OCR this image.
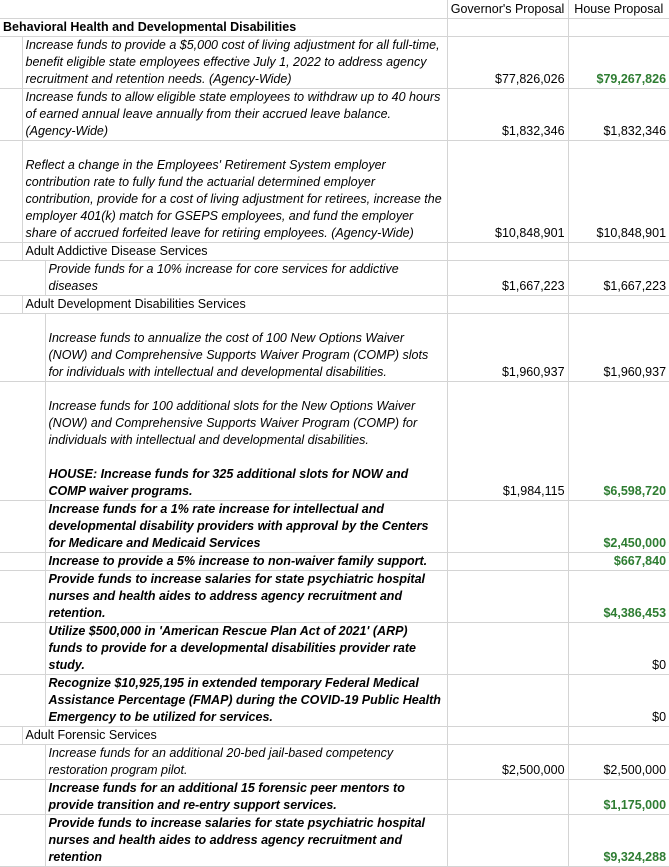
			Governor's Proposal	House Proposal
Behavioral Health and Developmental Disabilities				
	Increase funds to provide a $5,000 cost of living adjustment for all full-time, benefit eligible state employees effective July 1, 2022 to address agency recruitment and retention needs. (Agency-Wide)		$77,826,026	$79,267,826
	Increase funds to allow eligible state employees to withdraw up to 40 hours of earned annual leave annually from their accrued leave balance. (Agency-Wide)		$1,832,346	$1,832,346
	Reflect a change in the Employees' Retirement System employer contribution rate to fully fund the actuarial determined employer contribution, provide for a cost of living adjustment for retirees, increase the employer 401(k) match for GSEPS employees, and fund the employer share of accrued forfeited leave for retiring employees. (Agency-Wide)		$10,848,901	$10,848,901
	Adult Addictive Disease Services			
		Provide funds for a 10% increase for core services for addictive diseases	$1,667,223	$1,667,223
	Adult Development Disabilities Services			
		Increase funds to annualize the cost of 100 New Options Waiver (NOW) and Comprehensive Supports Waiver Program (COMP) slots for individuals with intellectual and developmental disabilities.	$1,960,937	$1,960,937

		Increase funds for 100 additional slots for the New Options Waiver (NOW) and Comprehensive Supports Waiver Program (COMP) for individuals with intellectual and developmental disabilities.
HOUSE: Increase funds for 325 additional slots for NOW and COMP waiver programs.	$1,984,115	$6,598,720
		Increase funds for a 1% rate increase for intellectual and developmental disability providers with approval by the Centers for Medicare and Medicaid Services		$2,450,000
		Increase to provide a 5% increase to non-waiver family support.		$667,840
		Provide funds to increase salaries for state psychiatric hospital nurses and health aides to address agency recruitment and retention.		$4,386,453
		Utilize $500,000 in 'American Rescue Plan Act of 2021' (ARP) funds to provide for a developmental disabilities provider rate study.		$0
		Recognize $10,925,195 in extended temporary Federal Medical Assistance Percentage (FMAP) during the COVID-19 Public Health Emergency to be utilized for services.		$0
	Adult Forensic Services			
		Increase funds for an additional 20-bed jail-based competency restoration program pilot.	$2,500,000	$2,500,000
		Increase funds for an additional 15 forensic peer mentors to provide transition and re-entry support services.		$1,175,000
		Provide funds to increase salaries for state psychiatric hospital nurses and health aides to address agency recruitment and retention		$9,324,288
